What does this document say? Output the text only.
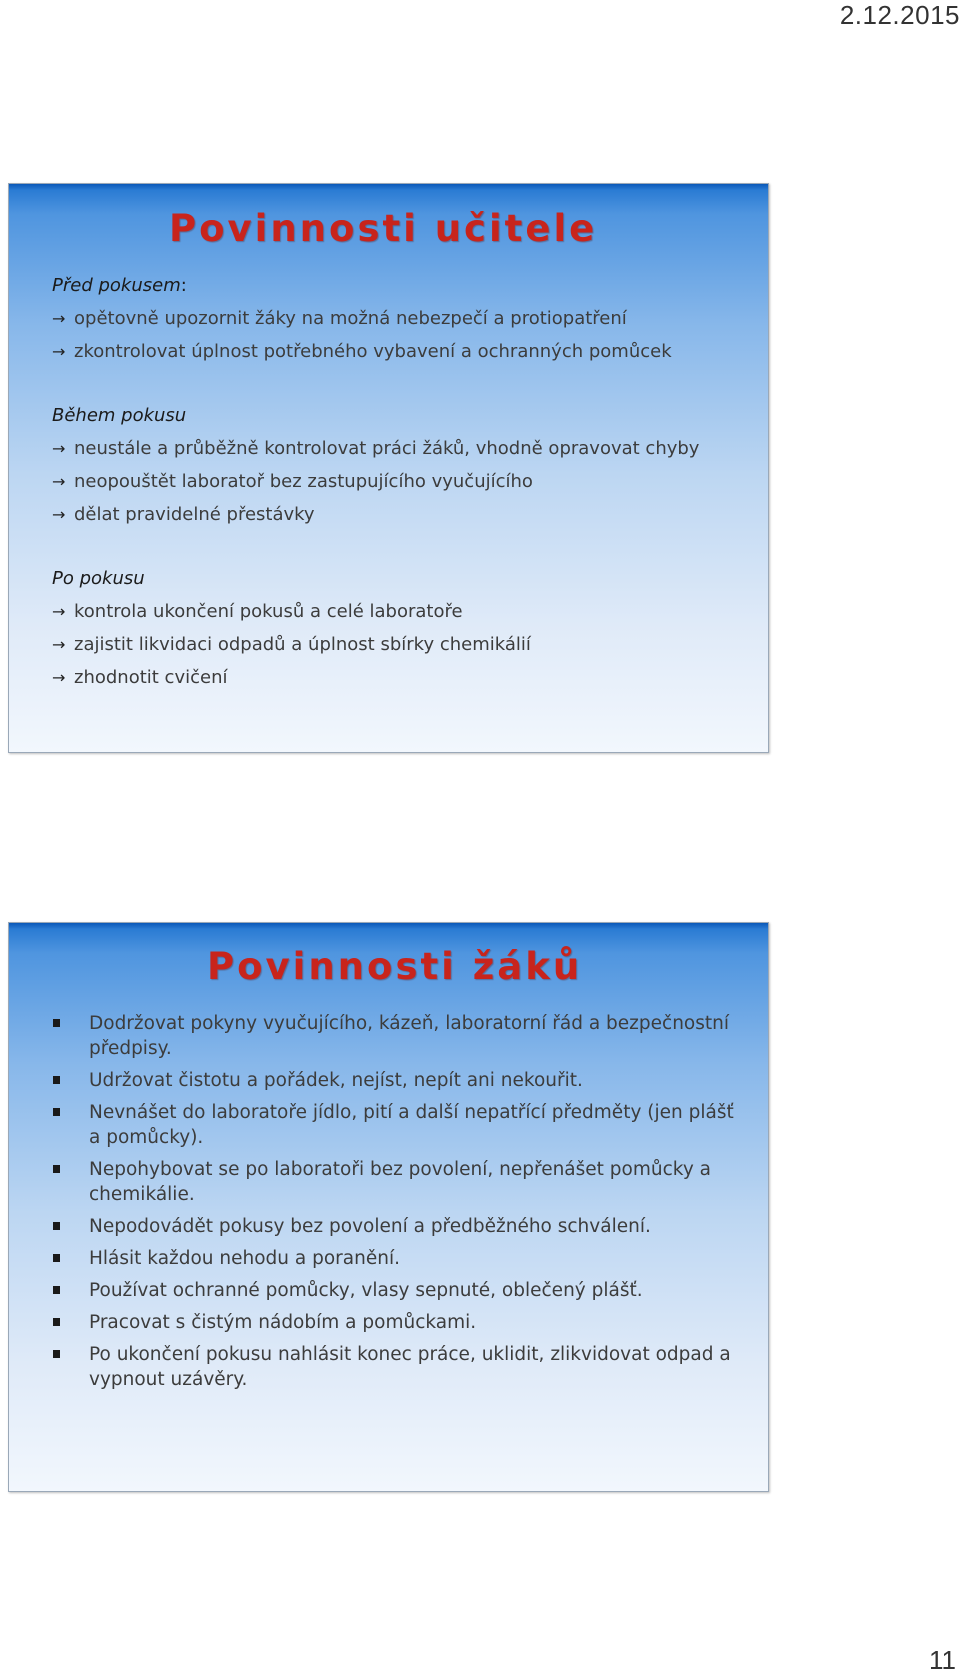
2.12.2015
Povinnosti učitele
Před pokusem:
→ opětovně upozornit žáky na možná nebezpečí a protiopatření
→ zkontrolovat úplnost potřebného vybavení a ochranných pomůcek
Během pokusu
→ neustále a průběžně kontrolovat práci žáků, vhodně opravovat chyby
→ neopouštět laboratoř bez zastupujícího vyučujícího
→ dělat pravidelné přestávky
Po pokusu
→ kontrola ukončení pokusů a celé laboratoře
→ zajistit likvidaci odpadů a úplnost sbírky chemikálií
→ zhodnotit cvičení
Povinnosti žáků
Dodržovat pokyny vyučujícího, kázeň, laboratorní řád a bezpečnostní předpisy.
Udržovat čistotu a pořádek, nejíst, nepít ani nekouřit.
Nevnášet do laboratoře jídlo, pití a další nepatřící předměty (jen plášť a pomůcky).
Nepohybovat se po laboratoři bez povolení, nepřenášet pomůcky a chemikálie.
Nepodovádět pokusy bez povolení a předběžného schválení.
Hlásit každou nehodu a poranění.
Používat ochranné pomůcky, vlasy sepnuté, oblečený plášť.
Pracovat s čistým nádobím a pomůckami.
Po ukončení pokusu nahlásit konec práce, uklidit, zlikvidovat odpad a vypnout uzávěry.
11
